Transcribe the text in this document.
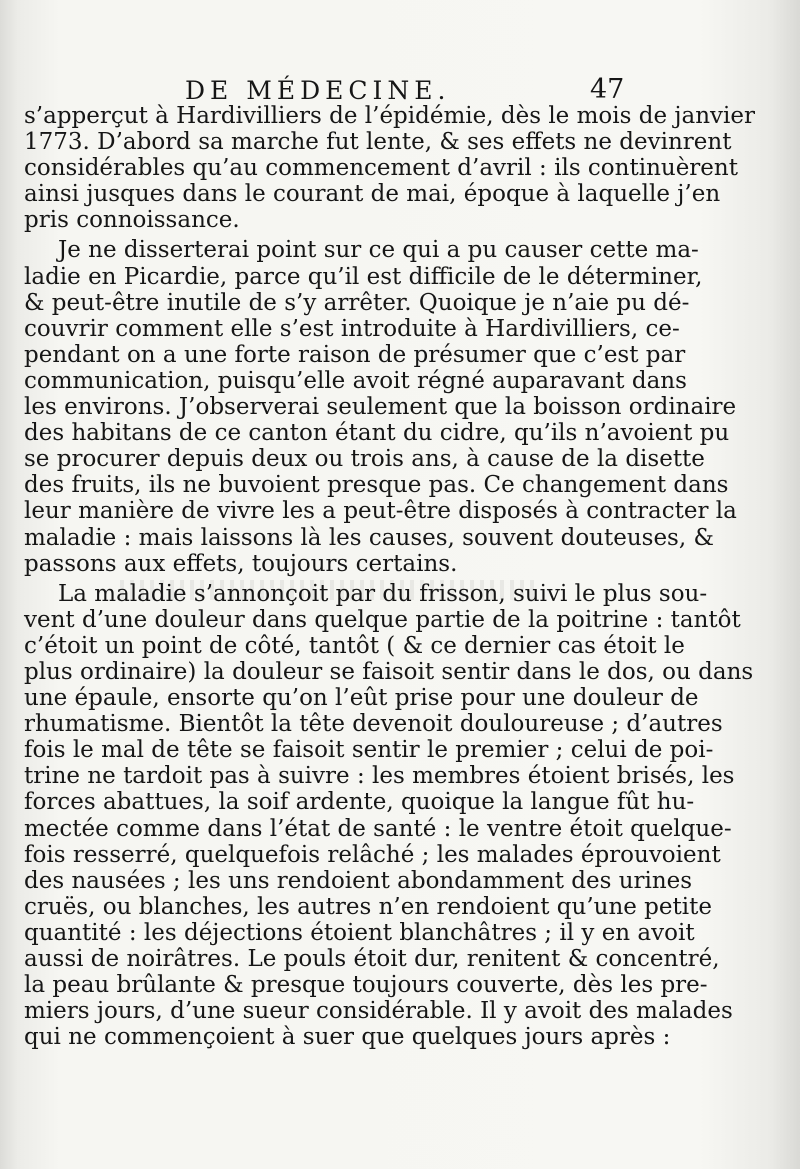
DE MÉDECINE.	47
s’apperçut à Hardivilliers de l’épidémie, dès le mois de janvier
1773. D’abord sa marche fut lente, & ses effets ne devinrent
considérables qu’au commencement d’avril : ils continuèrent
ainsi jusques dans le courant de mai, époque à laquelle j’en
pris connoissance.
Je ne disserterai point sur ce qui a pu causer cette ma-
ladie en Picardie, parce qu’il est difficile de le déterminer,
& peut-être inutile de s’y arrêter. Quoique je n’aie pu dé-
couvrir comment elle s’est introduite à Hardivilliers, ce-
pendant on a une forte raison de présumer que c’est par
communication, puisqu’elle avoit régné auparavant dans
les environs. J’observerai seulement que la boisson ordinaire
des habitans de ce canton étant du cidre, qu’ils n’avoient pu
se procurer depuis deux ou trois ans, à cause de la disette
des fruits, ils ne buvoient presque pas. Ce changement dans
leur manière de vivre les a peut-être disposés à contracter la
maladie : mais laissons là les causes, souvent douteuses, &
passons aux effets, toujours certains.
La maladie s’annonçoit par du frisson, suivi le plus sou-
vent d’une douleur dans quelque partie de la poitrine : tantôt
c’étoit un point de côté, tantôt ( & ce dernier cas étoit le
plus ordinaire) la douleur se faisoit sentir dans le dos, ou dans
une épaule, ensorte qu’on l’eût prise pour une douleur de
rhumatisme. Bientôt la tête devenoit douloureuse ; d’autres
fois le mal de tête se faisoit sentir le premier ; celui de poi-
trine ne tardoit pas à suivre : les membres étoient brisés, les
forces abattues, la soif ardente, quoique la langue fût hu-
mectée comme dans l’état de santé : le ventre étoit quelque-
fois resserré, quelquefois relâché ; les malades éprouvoient
des nausées ; les uns rendoient abondamment des urines
cruës, ou blanches, les autres n’en rendoient qu’une petite
quantité : les déjections étoient blanchâtres ; il y en avoit
aussi de noirâtres. Le pouls étoit dur, renitent & concentré,
la peau brûlante & presque toujours couverte, dès les pre-
miers jours, d’une sueur considérable. Il y avoit des malades
qui ne commençoient à suer que quelques jours après :
